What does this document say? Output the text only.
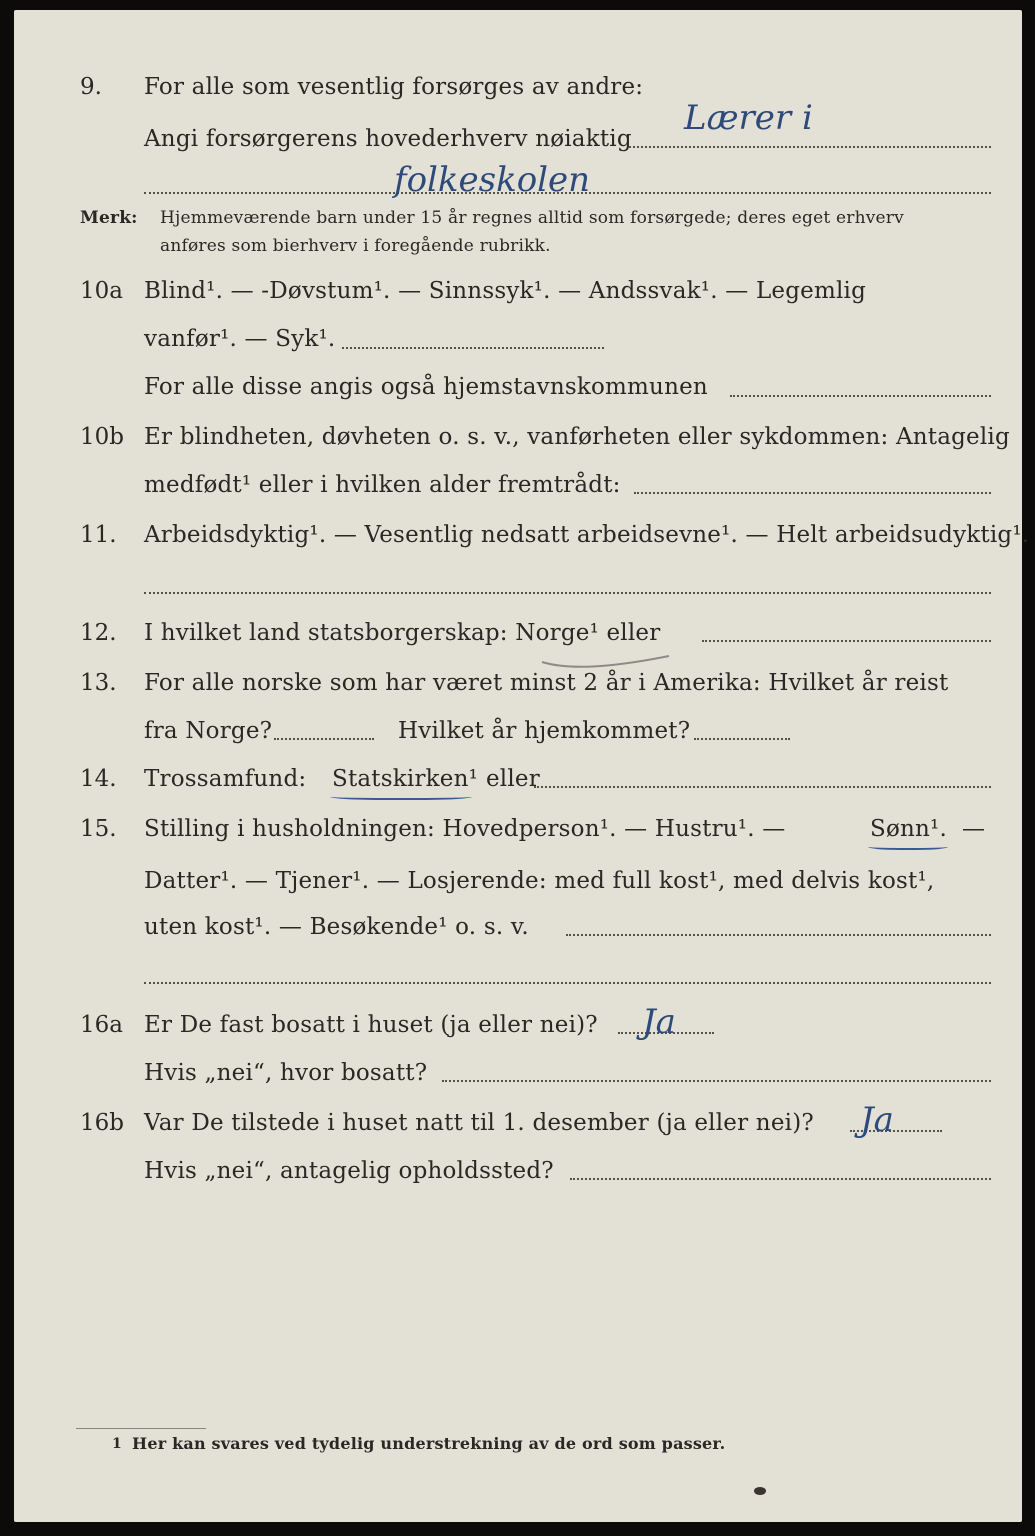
9. For alle som vesentlig forsørges av andre:
Angi forsørgerens hovederhverv nøiaktig
Lærer i
folkeskolen
Merk: Hjemmeværende barn under 15 år regnes alltid som forsørgede; deres eget erhverv
anføres som bierhverv i foregående rubrikk.
10a Blind¹. — -Døvstum¹. — Sinnssyk¹. — Andssvak¹. — Legemlig
vanfør¹. — Syk¹.
For alle disse angis også hjemstavnskommunen
10b Er blindheten, døvheten o. s. v., vanførheten eller sykdommen: Antagelig
medfødt¹ eller i hvilken alder fremtrådt:
11. Arbeidsdyktig¹. — Vesentlig nedsatt arbeidsevne¹. — Helt arbeidsudyktig¹.
12. I hvilket land statsborgerskap: Norge¹ eller
13. For alle norske som har været minst 2 år i Amerika: Hvilket år reist
fra Norge?	Hvilket år hjemkommet?
14. Trossamfund: Statskirken¹ eller
15. Stilling i husholdningen: Hovedperson¹. — Hustru¹. —	Sønn¹. —
Datter¹. — Tjener¹. — Losjerende: med full kost¹, med delvis kost¹,
uten kost¹. — Besøkende¹ o. s. v.
16a Er De fast bosatt i huset (ja eller nei)? Ja
Hvis „nei“, hvor bosatt?
16b Var De tilstede i huset natt til 1. desember (ja eller nei)? Ja
Hvis „nei“, antagelig opholdssted?
1 Her kan svares ved tydelig understrekning av de ord som passer.
